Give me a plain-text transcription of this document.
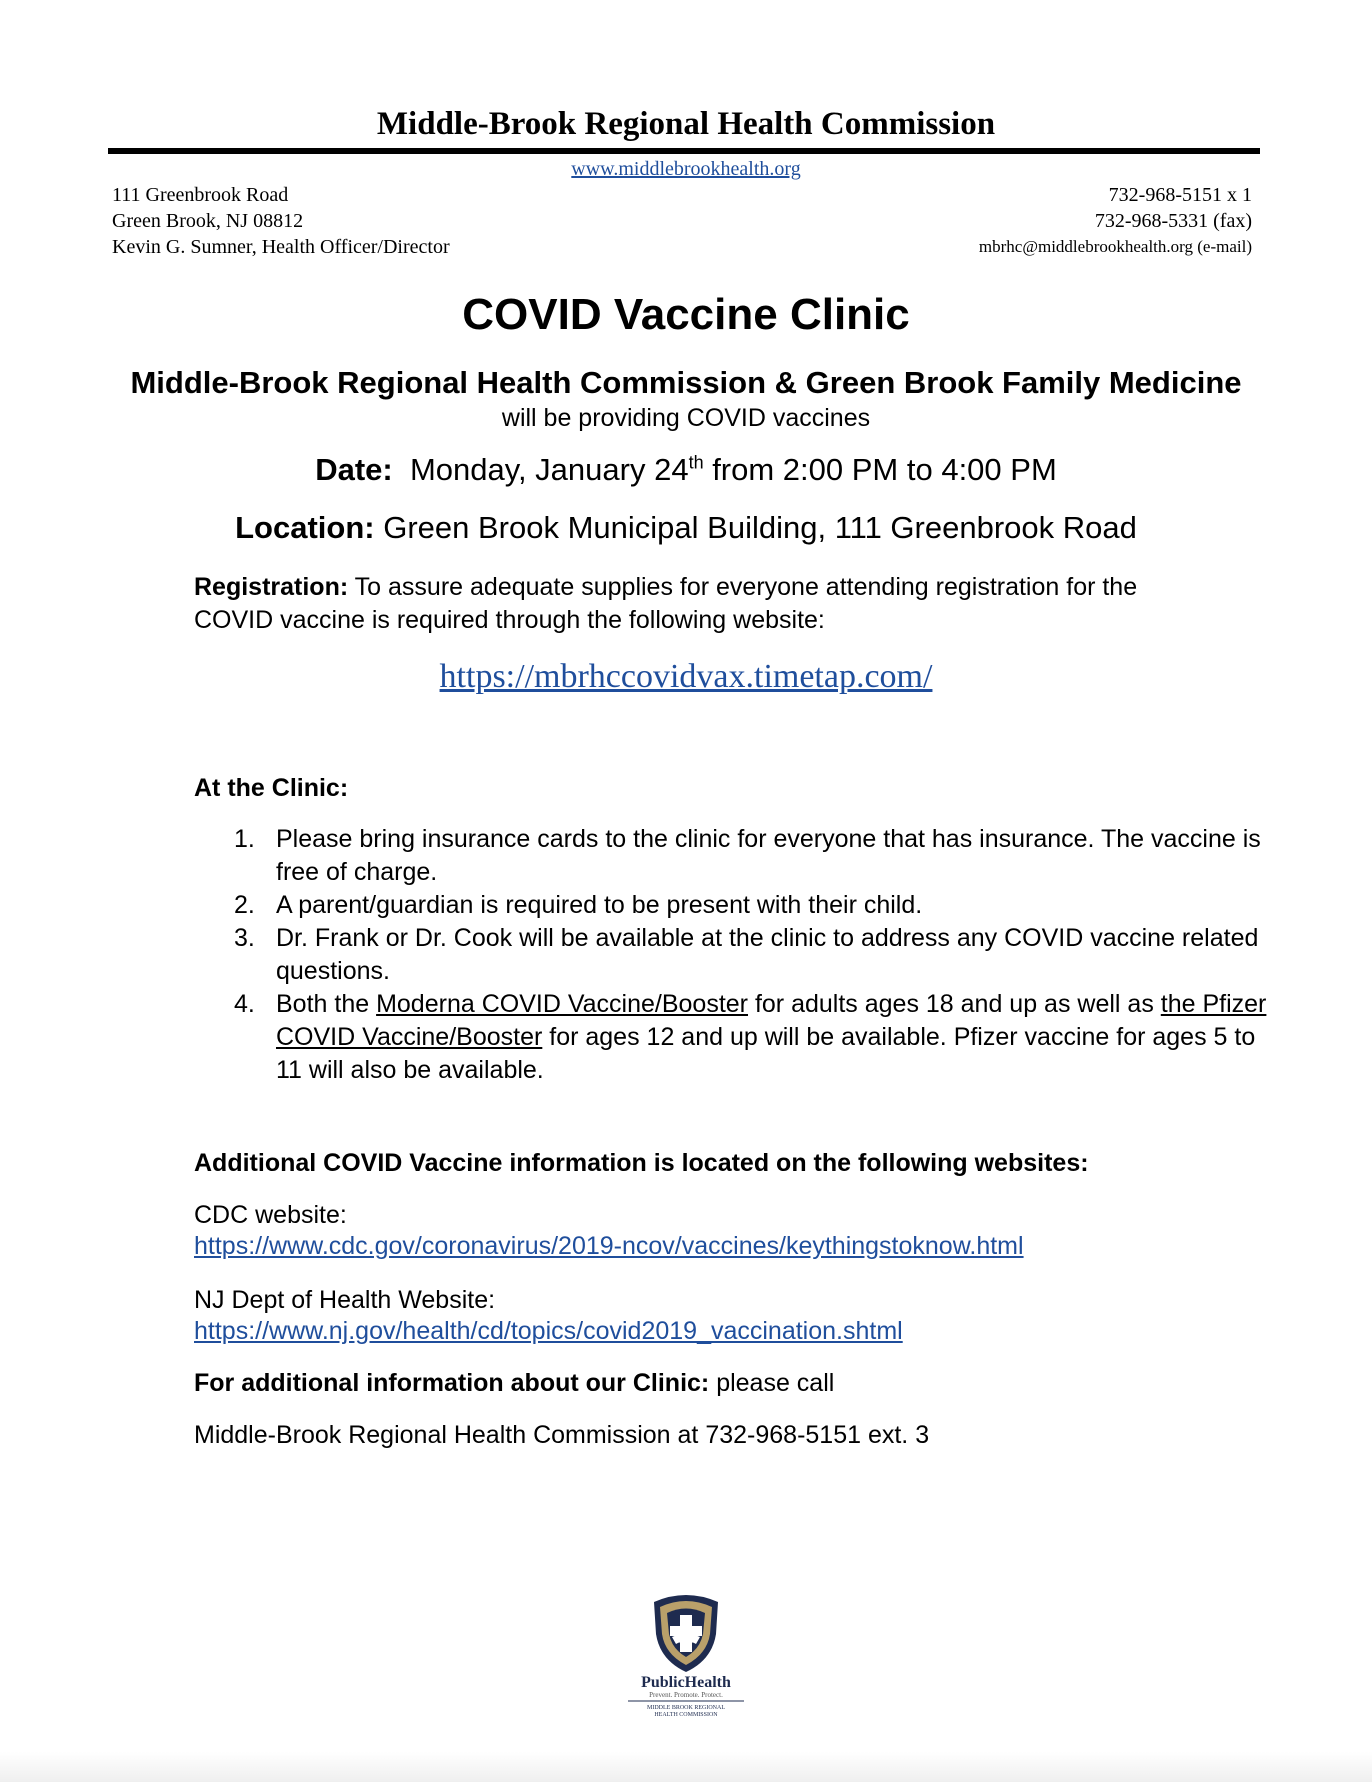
Middle-Brook Regional Health Commission
www.middlebrookhealth.org
111 Greenbrook Road
Green Brook, NJ 08812
Kevin G. Sumner, Health Officer/Director
732-968-5151 x 1
732-968-5331 (fax)
mbrhc@middlebrookhealth.org (e-mail)
COVID Vaccine Clinic
Middle-Brook Regional Health Commission & Green Brook Family Medicine
will be providing COVID vaccines
Date: Monday, January 24th from 2:00 PM to 4:00 PM
Location: Green Brook Municipal Building, 111 Greenbrook Road
Registration: To assure adequate supplies for everyone attending registration for the COVID vaccine is required through the following website:
https://mbrhccovidvax.timetap.com/
At the Clinic:
1. Please bring insurance cards to the clinic for everyone that has insurance. The vaccine is free of charge.
2. A parent/guardian is required to be present with their child.
3. Dr. Frank or Dr. Cook will be available at the clinic to address any COVID vaccine related questions.
4. Both the Moderna COVID Vaccine/Booster for adults ages 18 and up as well as the Pfizer COVID Vaccine/Booster for ages 12 and up will be available. Pfizer vaccine for ages 5 to 11 will also be available.
Additional COVID Vaccine information is located on the following websites:
CDC website:
https://www.cdc.gov/coronavirus/2019-ncov/vaccines/keythingstoknow.html
NJ Dept of Health Website:
https://www.nj.gov/health/cd/topics/covid2019_vaccination.shtml
For additional information about our Clinic: please call
Middle-Brook Regional Health Commission at 732-968-5151 ext. 3
PublicHealth
Prevent. Promote. Protect.
MIDDLE BROOK REGIONAL
HEALTH COMMISSION
